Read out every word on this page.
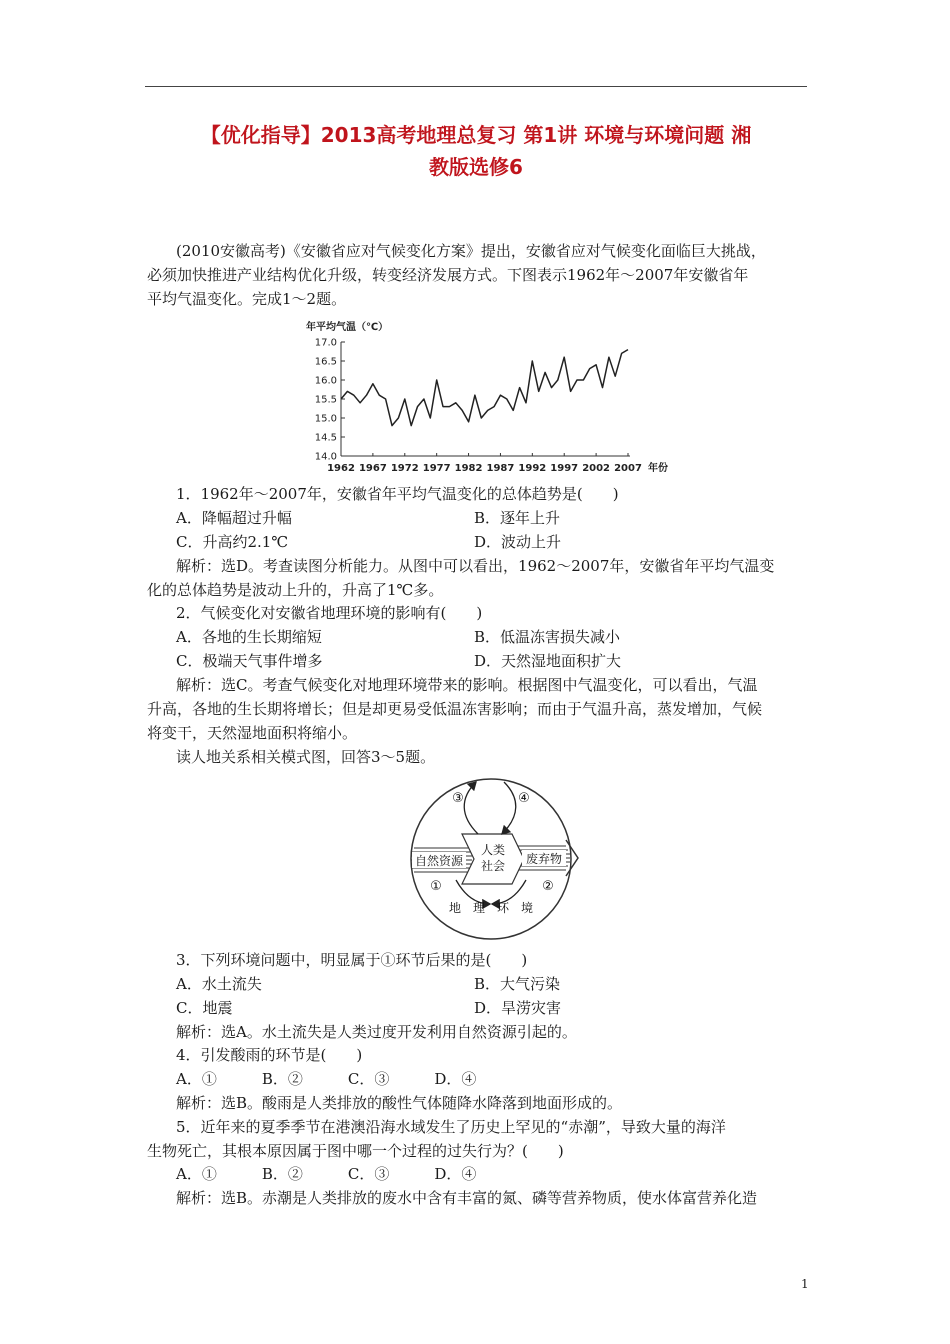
【优化指导】2013高考地理总复习 第1讲 环境与环境问题 湘
教版选修6
(2010安徽高考)《安徽省应对气候变化方案》提出，安徽省应对气候变化面临巨大挑战，
必须加快推进产业结构优化升级，转变经济发展方式。下图表示1962年～2007年安徽省年
平均气温变化。完成1～2题。
年平均气温（℃）
14.0
14.5
15.0
15.5
16.0
16.5
17.0
1962 1967 1972 1977 1982 1987 1992 1997 2002 2007 年份
1．1962年～2007年，安徽省年平均气温变化的总体趋势是(　　)
A．降幅超过升幅	B．逐年上升
C．升高约2.1℃	D．波动上升
解析：选D。考查读图分析能力。从图中可以看出，1962～2007年，安徽省年平均气温变
化的总体趋势是波动上升的，升高了1℃多。
2．气候变化对安徽省地理环境的影响有(　　)
A．各地的生长期缩短	B．低温冻害损失减小
C．极端天气事件增多	D．天然湿地面积扩大
解析：选C。考查气候变化对地理环境带来的影响。根据图中气温变化，可以看出，气温
升高，各地的生长期将增长；但是却更易受低温冻害影响；而由于气温升高，蒸发增加，气候
将变干，天然湿地面积将缩小。
读人地关系相关模式图，回答3～5题。
自然资源	废弃物
人类
社会
③	④
①	②
地　理　环　境
3．下列环境问题中，明显属于①环节后果的是(　　)
A．水土流失	B．大气污染
C．地震	D．旱涝灾害
解析：选A。水土流失是人类过度开发利用自然资源引起的。
4．引发酸雨的环节是(　　)
A．①　　　B．②　　　C．③　　　D．④
解析：选B。酸雨是人类排放的酸性气体随降水降落到地面形成的。
5．近年来的夏季季节在港澳沿海水域发生了历史上罕见的“赤潮”，导致大量的海洋
生物死亡，其根本原因属于图中哪一个过程的过失行为？(　　)
A．①　　　B．②　　　C．③　　　D．④
解析：选B。赤潮是人类排放的废水中含有丰富的氮、磷等营养物质，使水体富营养化造
1
